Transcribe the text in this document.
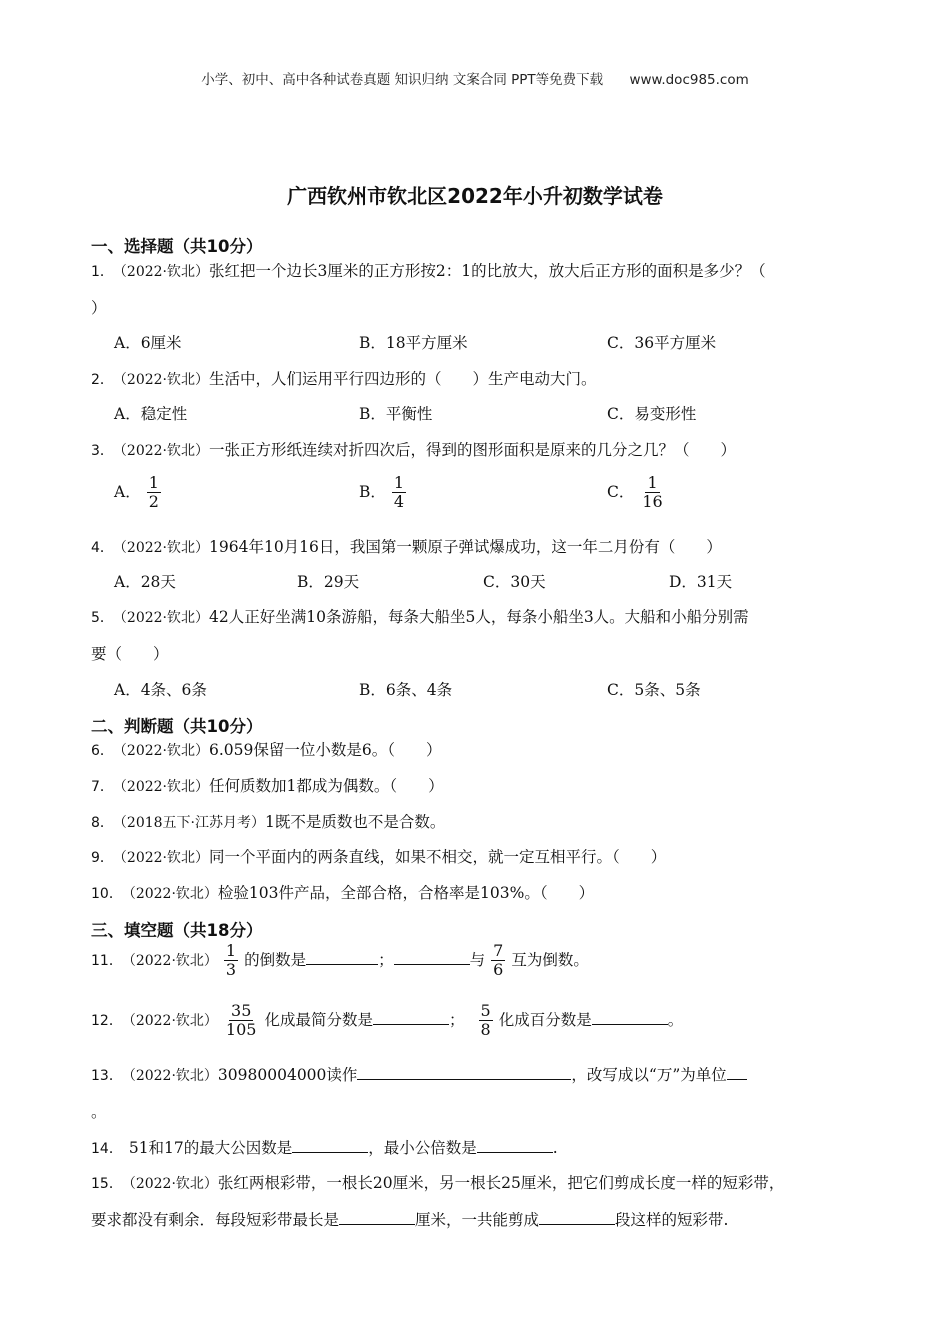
小学、初中、高中各种试卷真题 知识归纳 文案合同 PPT等免费下载 www.doc985.com
广西钦州市钦北区2022年小升初数学试卷
一、选择题（共10分）
1． （2022·钦北）张红把一个边长3厘米的正方形按2：1的比放大，放大后正方形的面积是多少？（
）
A．6厘米	B．18平方厘米	C．36平方厘米
2． （2022·钦北）生活中，人们运用平行四边形的（　　）生产电动大门。
A．稳定性	B．平衡性	C．易变形性
3． （2022·钦北）一张正方形纸连续对折四次后，得到的图形面积是原来的几分之几？（　　）
A． $\frac{1}{2}$	B． $\frac{1}{4}$	C． $\frac{1}{16}$
4． （2022·钦北）1964年10月16日，我国第一颗原子弹试爆成功，这一年二月份有（　　）
A．28天	B．29天	C．30天	D．31天
5． （2022·钦北）42人正好坐满10条游船，每条大船坐5人，每条小船坐3人。大船和小船分别需
要（　　）
A．4条、6条	B．6条、4条	C．5条、5条
二、判断题（共10分）
6． （2022·钦北）6.059保留一位小数是6。（　　）
7． （2022·钦北）任何质数加1都成为偶数。（　　）
8． （2018五下·江苏月考）1既不是质数也不是合数。
9． （2022·钦北）同一个平面内的两条直线，如果不相交，就一定互相平行。（　　）
10． （2022·钦北）检验103件产品，全部合格，合格率是103%。（　　）
三、填空题（共18分）
11． （2022·钦北） $\frac{1}{3}$ 的倒数是	；	与 $\frac{7}{6}$ 互为倒数。
12． （2022·钦北） $\frac{35}{105}$ 化成最简分数是	； $\frac{5}{8}$ 化成百分数是	。
13． （2022·钦北）30980004000读作	，改写成以“万”为单位
。
14． 51和17的最大公因数是	，最小公倍数是	.
15． （2022·钦北）张红两根彩带，一根长20厘米，另一根长25厘米，把它们剪成长度一样的短彩带，
要求都没有剩余．每段短彩带最长是	厘米，一共能剪成	段这样的短彩带.
